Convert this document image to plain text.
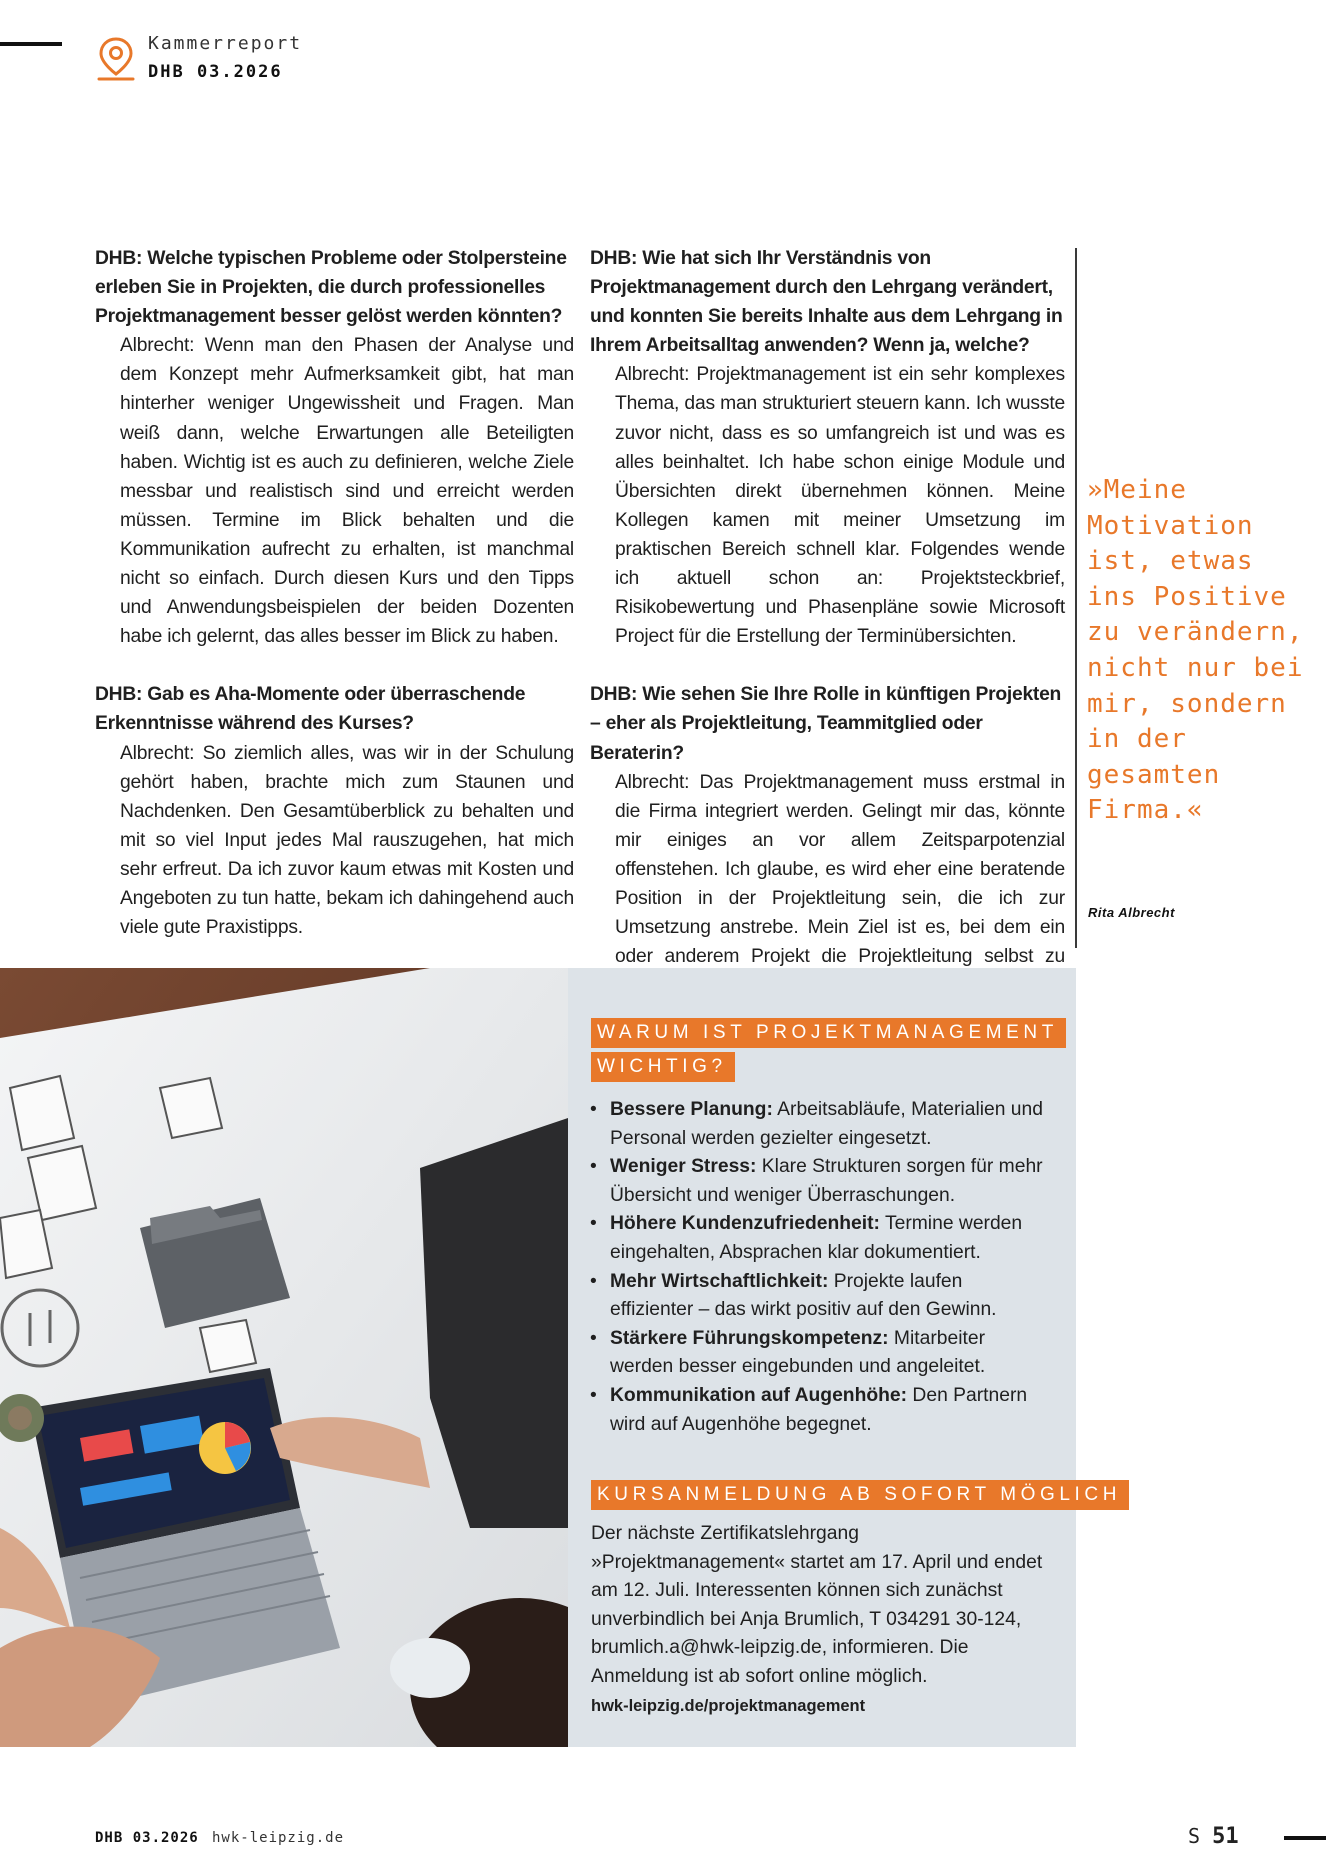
Kammerreport
DHB 03.2026
DHB: Welche typischen Probleme oder Stolpersteine erleben Sie in Projekten, die durch professionelles Projektmanagement besser gelöst werden könnten?
Albrecht: Wenn man den Phasen der Analyse und dem Konzept mehr Aufmerksamkeit gibt, hat man hinterher weniger Ungewissheit und Fragen. Man weiß dann, welche Erwartungen alle Beteiligten haben. Wichtig ist es auch zu definieren, welche Ziele messbar und realistisch sind und erreicht werden müssen. Termine im Blick behalten und die Kommunikation aufrecht zu erhalten, ist manchmal nicht so einfach. Durch diesen Kurs und den Tipps und Anwendungsbeispielen der beiden Dozenten habe ich gelernt, das alles besser im Blick zu haben.
DHB: Gab es Aha-Momente oder überraschende Erkenntnisse während des Kurses?
Albrecht: So ziemlich alles, was wir in der Schulung gehört haben, brachte mich zum Staunen und Nachdenken. Den Gesamtüberblick zu behalten und mit so viel Input jedes Mal rauszugehen, hat mich sehr erfreut. Da ich zuvor kaum etwas mit Kosten und Angeboten zu tun hatte, bekam ich dahingehend auch viele gute Praxistipps.
DHB: Wie hat sich Ihr Verständnis von Projektmanagement durch den Lehrgang verändert, und konnten Sie bereits Inhalte aus dem Lehrgang in Ihrem Arbeitsalltag anwenden? Wenn ja, welche?
Albrecht: Projektmanagement ist ein sehr komplexes Thema, das man strukturiert steuern kann. Ich wusste zuvor nicht, dass es so umfangreich ist und was es alles beinhaltet. Ich habe schon einige Module und Übersichten direkt übernehmen können. Meine Kollegen kamen mit meiner Umsetzung im praktischen Bereich schnell klar. Folgendes wende ich aktuell schon an: Projektsteckbrief, Risikobewertung und Phasenpläne sowie Microsoft Project für die Erstellung der Terminübersichten.
DHB: Wie sehen Sie Ihre Rolle in künftigen Projekten – eher als Projektleitung, Teammitglied oder Beraterin?
Albrecht: Das Projektmanagement muss erstmal in die Firma integriert werden. Gelingt mir das, könnte mir einiges an vor allem Zeitsparpotenzial offenstehen. Ich glaube, es wird eher eine beratende Position in der Projektleitung sein, die ich zur Umsetzung anstrebe. Mein Ziel ist es, bei dem ein oder anderem Projekt die Projektleitung selbst zu
»Meine Motivation ist, etwas ins Positive zu verändern, nicht nur bei mir, sondern in der gesamten Firma.«
Rita Albrecht
WARUM IST PROJEKTMANAGEMENT
WICHTIG?
• Bessere Planung: Arbeitsabläufe, Materialien und Personal werden gezielter eingesetzt.
• Weniger Stress: Klare Strukturen sorgen für mehr Übersicht und weniger Überraschungen.
• Höhere Kundenzufriedenheit: Termine werden eingehalten, Absprachen klar dokumentiert.
• Mehr Wirtschaftlichkeit: Projekte laufen effizienter – das wirkt positiv auf den Gewinn.
• Stärkere Führungskompetenz: Mitarbeiter werden besser eingebunden und angeleitet.
• Kommunikation auf Augenhöhe: Den Partnern wird auf Augenhöhe begegnet.
KURSANMELDUNG AB SOFORT MÖGLICH
Der nächste Zertifikatslehrgang »Projektmanagement« startet am 17. April und endet am 12. Juli. Interessenten können sich zunächst unverbindlich bei Anja Brumlich, T 034291 30-124, brumlich.a@hwk-leipzig.de, informieren. Die Anmeldung ist ab sofort online möglich.
hwk-leipzig.de/projektmanagement
DHB 03.2026 hwk-leipzig.de	S 51
